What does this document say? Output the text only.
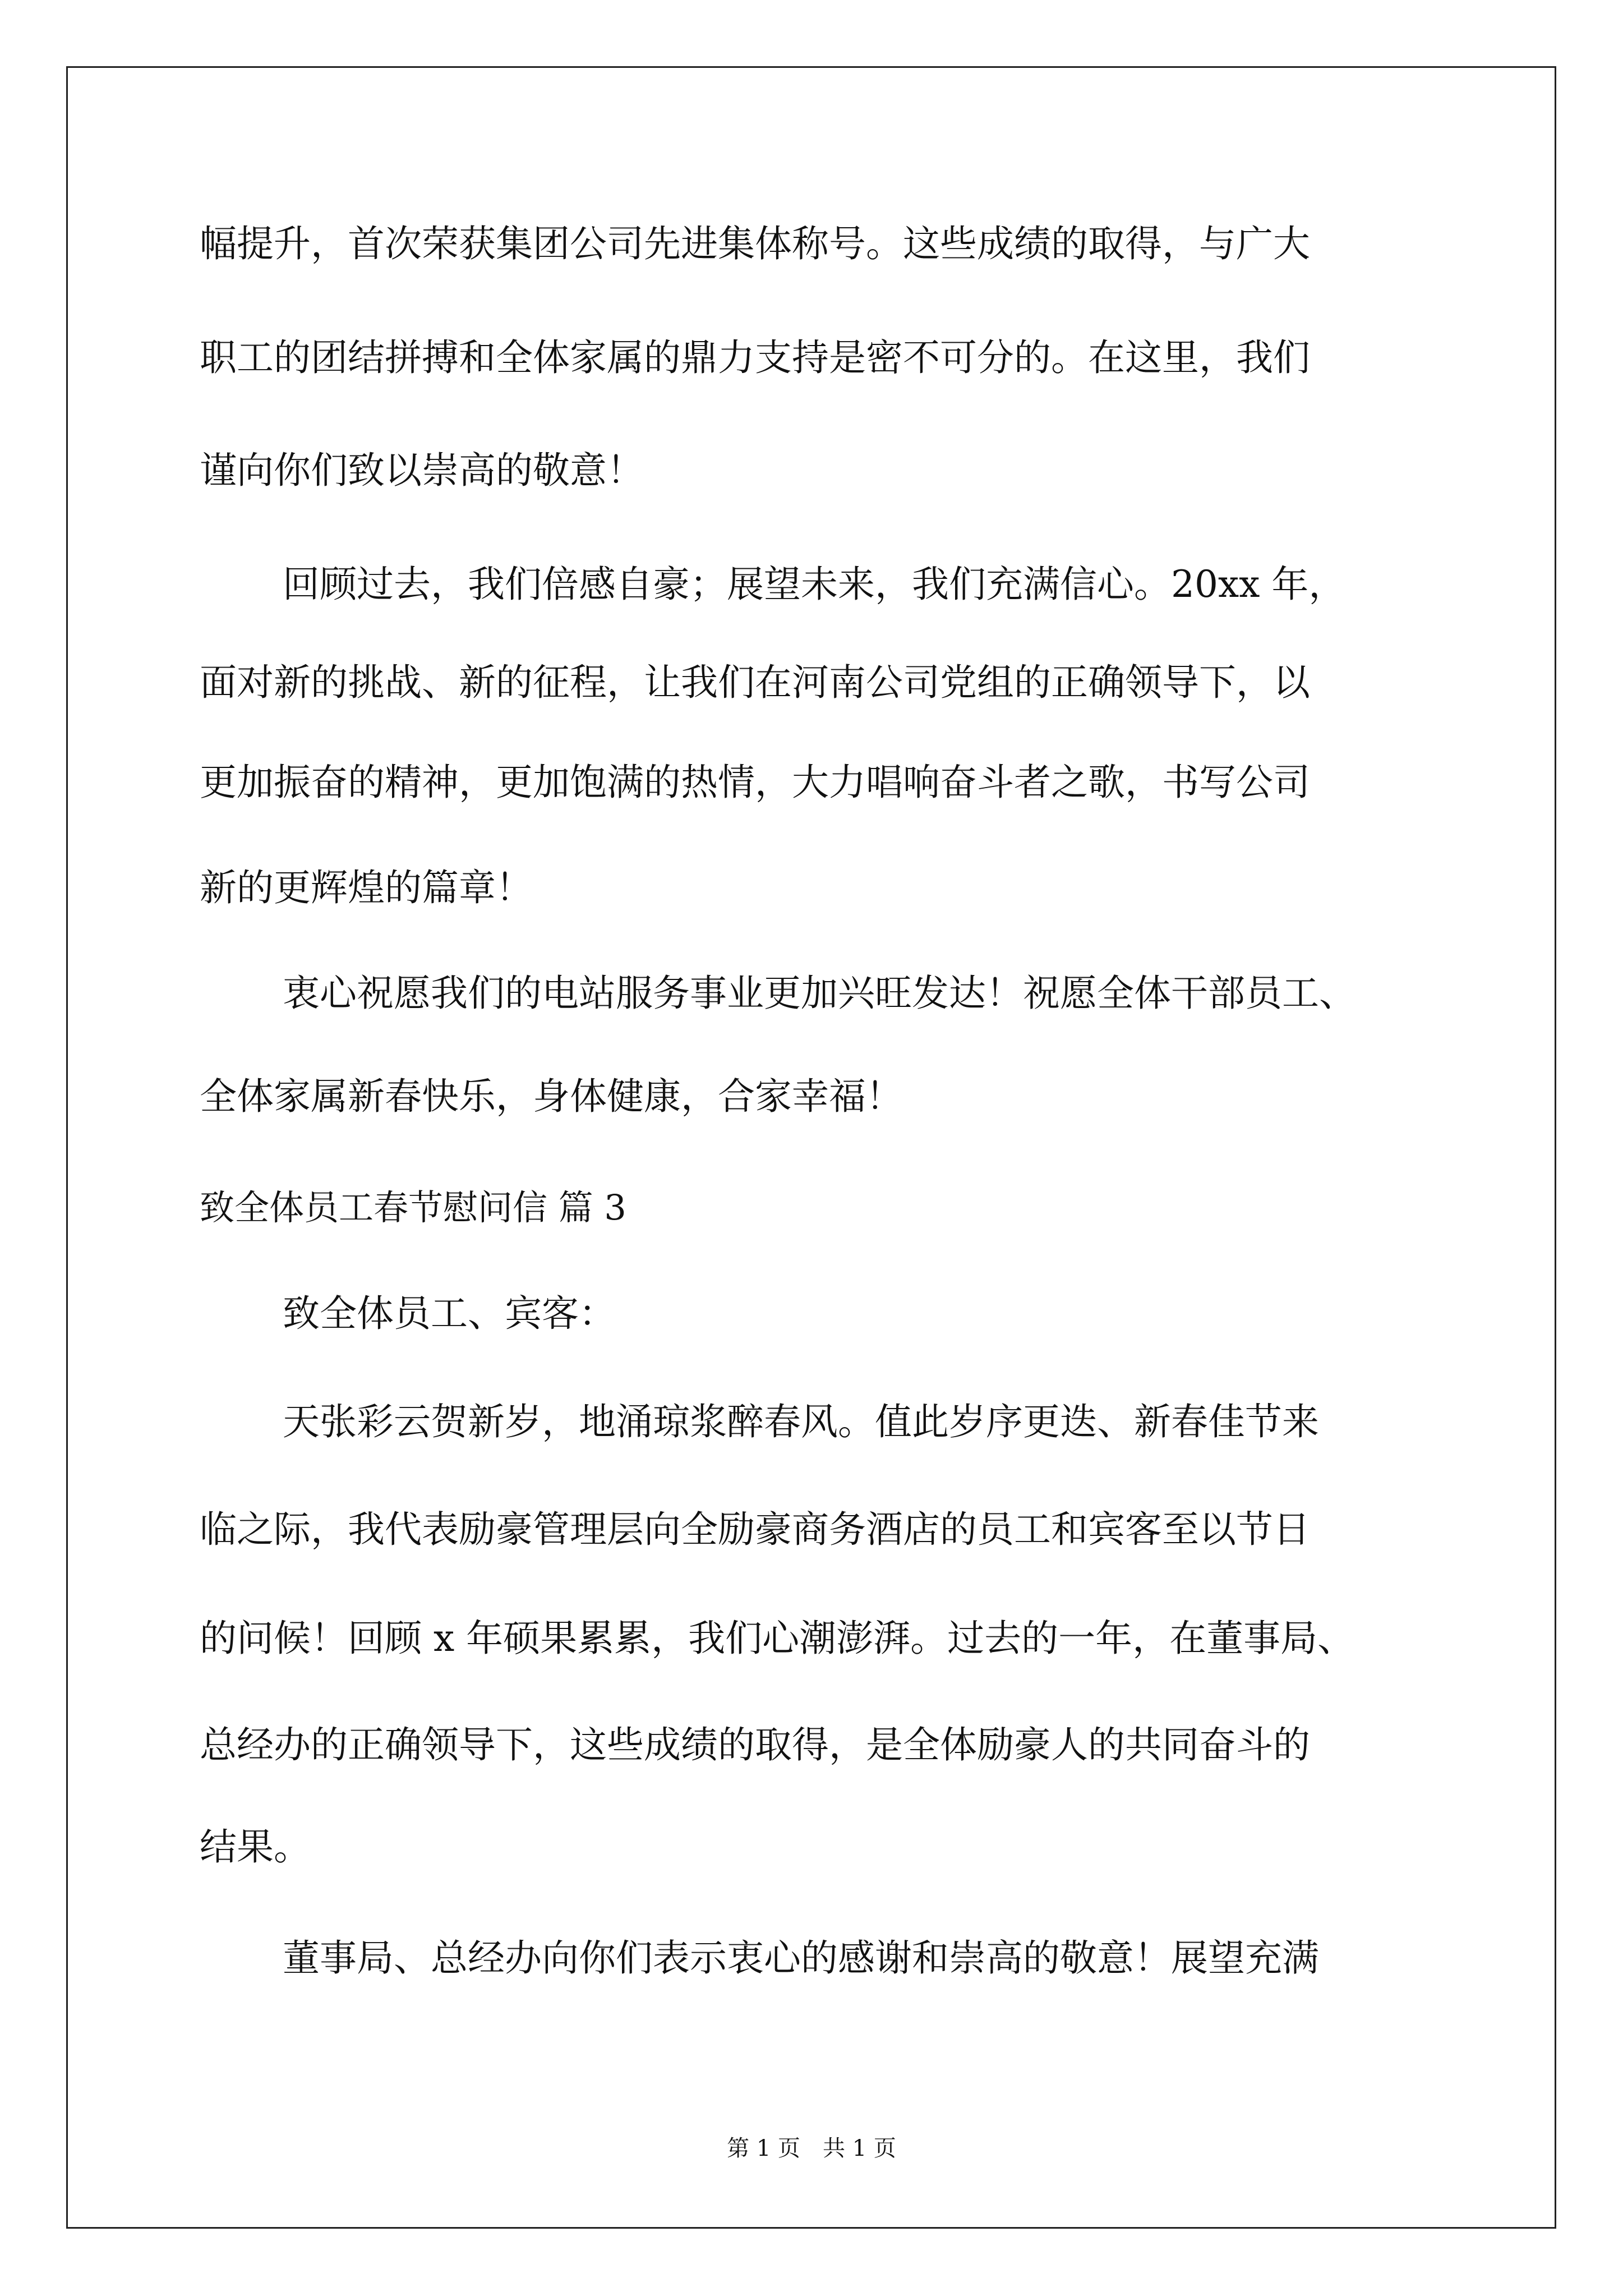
幅提升，首次荣获集团公司先进集体称号。这些成绩的取得，与广大
职工的团结拼搏和全体家属的鼎力支持是密不可分的。在这里，我们
谨向你们致以崇高的敬意！
回顾过去，我们倍感自豪；展望未来，我们充满信心。20xx 年，
面对新的挑战、新的征程，让我们在河南公司党组的正确领导下，以
更加振奋的精神，更加饱满的热情，大力唱响奋斗者之歌，书写公司
新的更辉煌的篇章！
衷心祝愿我们的电站服务事业更加兴旺发达！祝愿全体干部员工、
全体家属新春快乐，身体健康，合家幸福！
致全体员工春节慰问信 篇 3
致全体员工、宾客：
天张彩云贺新岁，地涌琼浆醉春风。值此岁序更迭、新春佳节来
临之际，我代表励豪管理层向全励豪商务酒店的员工和宾客至以节日
的问候！回顾 x 年硕果累累，我们心潮澎湃。过去的一年，在董事局、
总经办的正确领导下，这些成绩的取得，是全体励豪人的共同奋斗的
结果。
董事局、总经办向你们表示衷心的感谢和崇高的敬意！展望充满
第 1 页　共 1 页
